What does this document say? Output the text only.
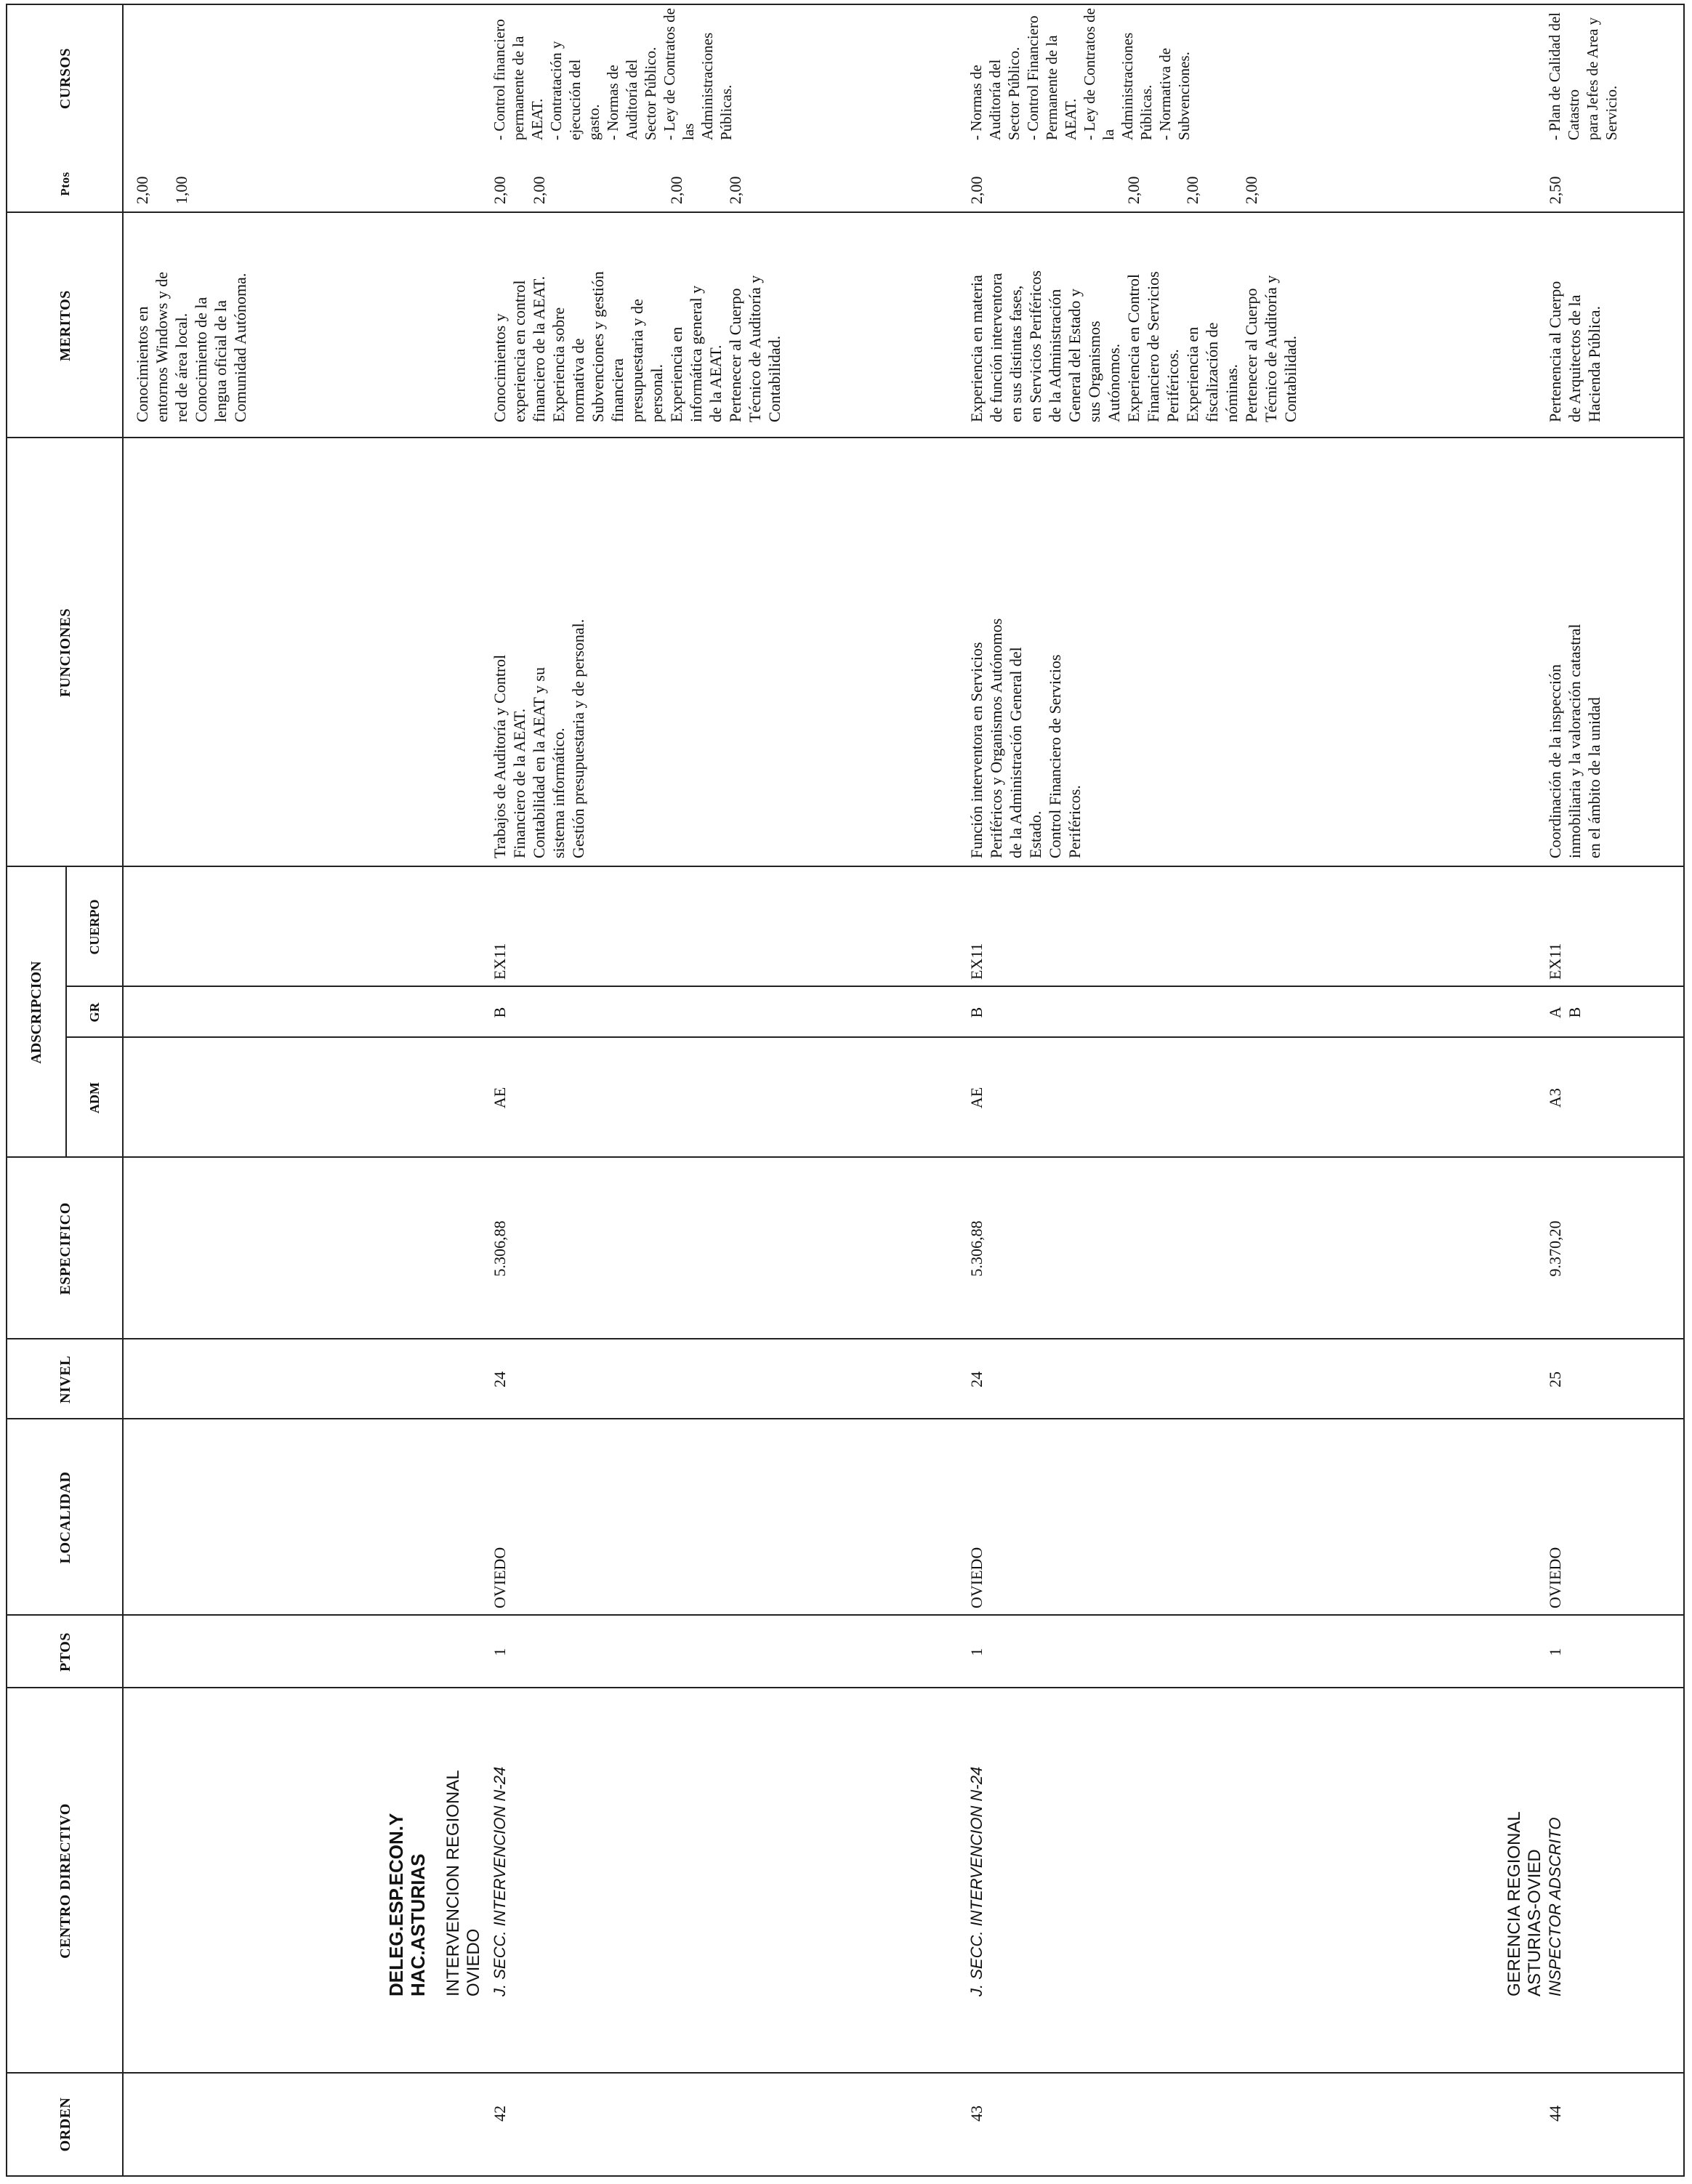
ORDEN
CENTRO DIRECTIVO
PTOS
LOCALIDAD
NIVEL
ESPECIFICO
ADSCRIPCION
ADM
GR
CUERPO
FUNCIONES
MERITOS
Ptos
CURSOS
Conocimientos en
entornos Windows y de
red de área local.
Conocimiento de la
lengua oficial de la
Comunidad Autónoma.
2,00

1,00
DELEG.ESP.ECON.Y
HAC.ASTURIAS INTERVENCION REGIONAL
OVIEDO J. SECC. INTERVENCION N-24
42
1
OVIEDO
24
5.306,88
AE
B
EX11
Trabajos de Auditoría y Control
Financiero de la AEAT.
Contabilidad en la AEAT y su
sistema informático.
Gestión presupuestaria y de personal.
Conocimientos y
experiencia en control
financiero de la AEAT.
Experiencia sobre
normativa de
Subvenciones y gestión
financiera
presupuestaria y de
personal.
Experiencia en
informática general y
de la AEAT.
Pertenecer al Cuerpo
Técnico de Auditoría y
Contabilidad.
2,00

2,00

2,00

2,00
- Control financiero
permanente de la AEAT.
- Contratación y ejecución del
gasto.
- Normas de Auditoría del
Sector Público.
- Ley de Contratos de las
Administraciones Públicas.
J. SECC. INTERVENCION N-24
43
1
OVIEDO
24
5.306,88
AE
B
EX11
Función interventora en Servicios
Periféricos y Organismos Autónomos
de la Administración General del
Estado.
Control Financiero de Servicios
Periféricos.
Experiencia en materia
de función interventora
en sus distintas fases,
en Servicios Periféricos
de la Administración
General del Estado y
sus Organismos
Autónomos.
Experiencia en Control
Financiero de Servicios
Periféricos.
Experiencia en
fiscalización de
nóminas.
Pertenecer al Cuerpo
Técnico de Auditoría y
Contabilidad.
2,00

2,00

2,00

2,00
- Normas de Auditoría del
Sector Público.
- Control Financiero
Permanente de la AEAT.
- Ley de Contratos de la
Administraciones Públicas.
- Normativa de Subvenciones.
GERENCIA REGIONAL
ASTURIAS-OVIED INSPECTOR ADSCRITO
44
1
OVIEDO
25
9.370,20
A3
A
B
EX11
Coordinación de la inspección
inmobiliaria y la valoración catastral
en el ámbito de la unidad
Pertenencia al Cuerpo
de Arquitectos de la
Hacienda Pública.
2,50
- Plan de Calidad del Catastro
para Jefes de Area y Servicio.
